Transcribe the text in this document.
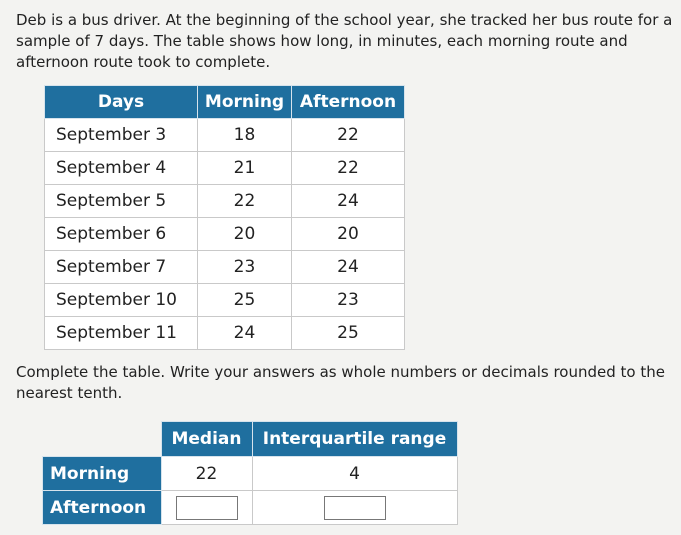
Deb is a bus driver. At the beginning of the school year, she tracked her bus route for a sample of 7 days. The table shows how long, in minutes, each morning route and afternoon route took to complete.
Days	Morning	Afternoon
September 3	18	22
September 4	21	22
September 5	22	24
September 6	20	20
September 7	23	24
September 10	25	23
September 11	24	25
Complete the table. Write your answers as whole numbers or decimals rounded to the nearest tenth.
	Median	Interquartile range
Morning	22	4
Afternoon		
